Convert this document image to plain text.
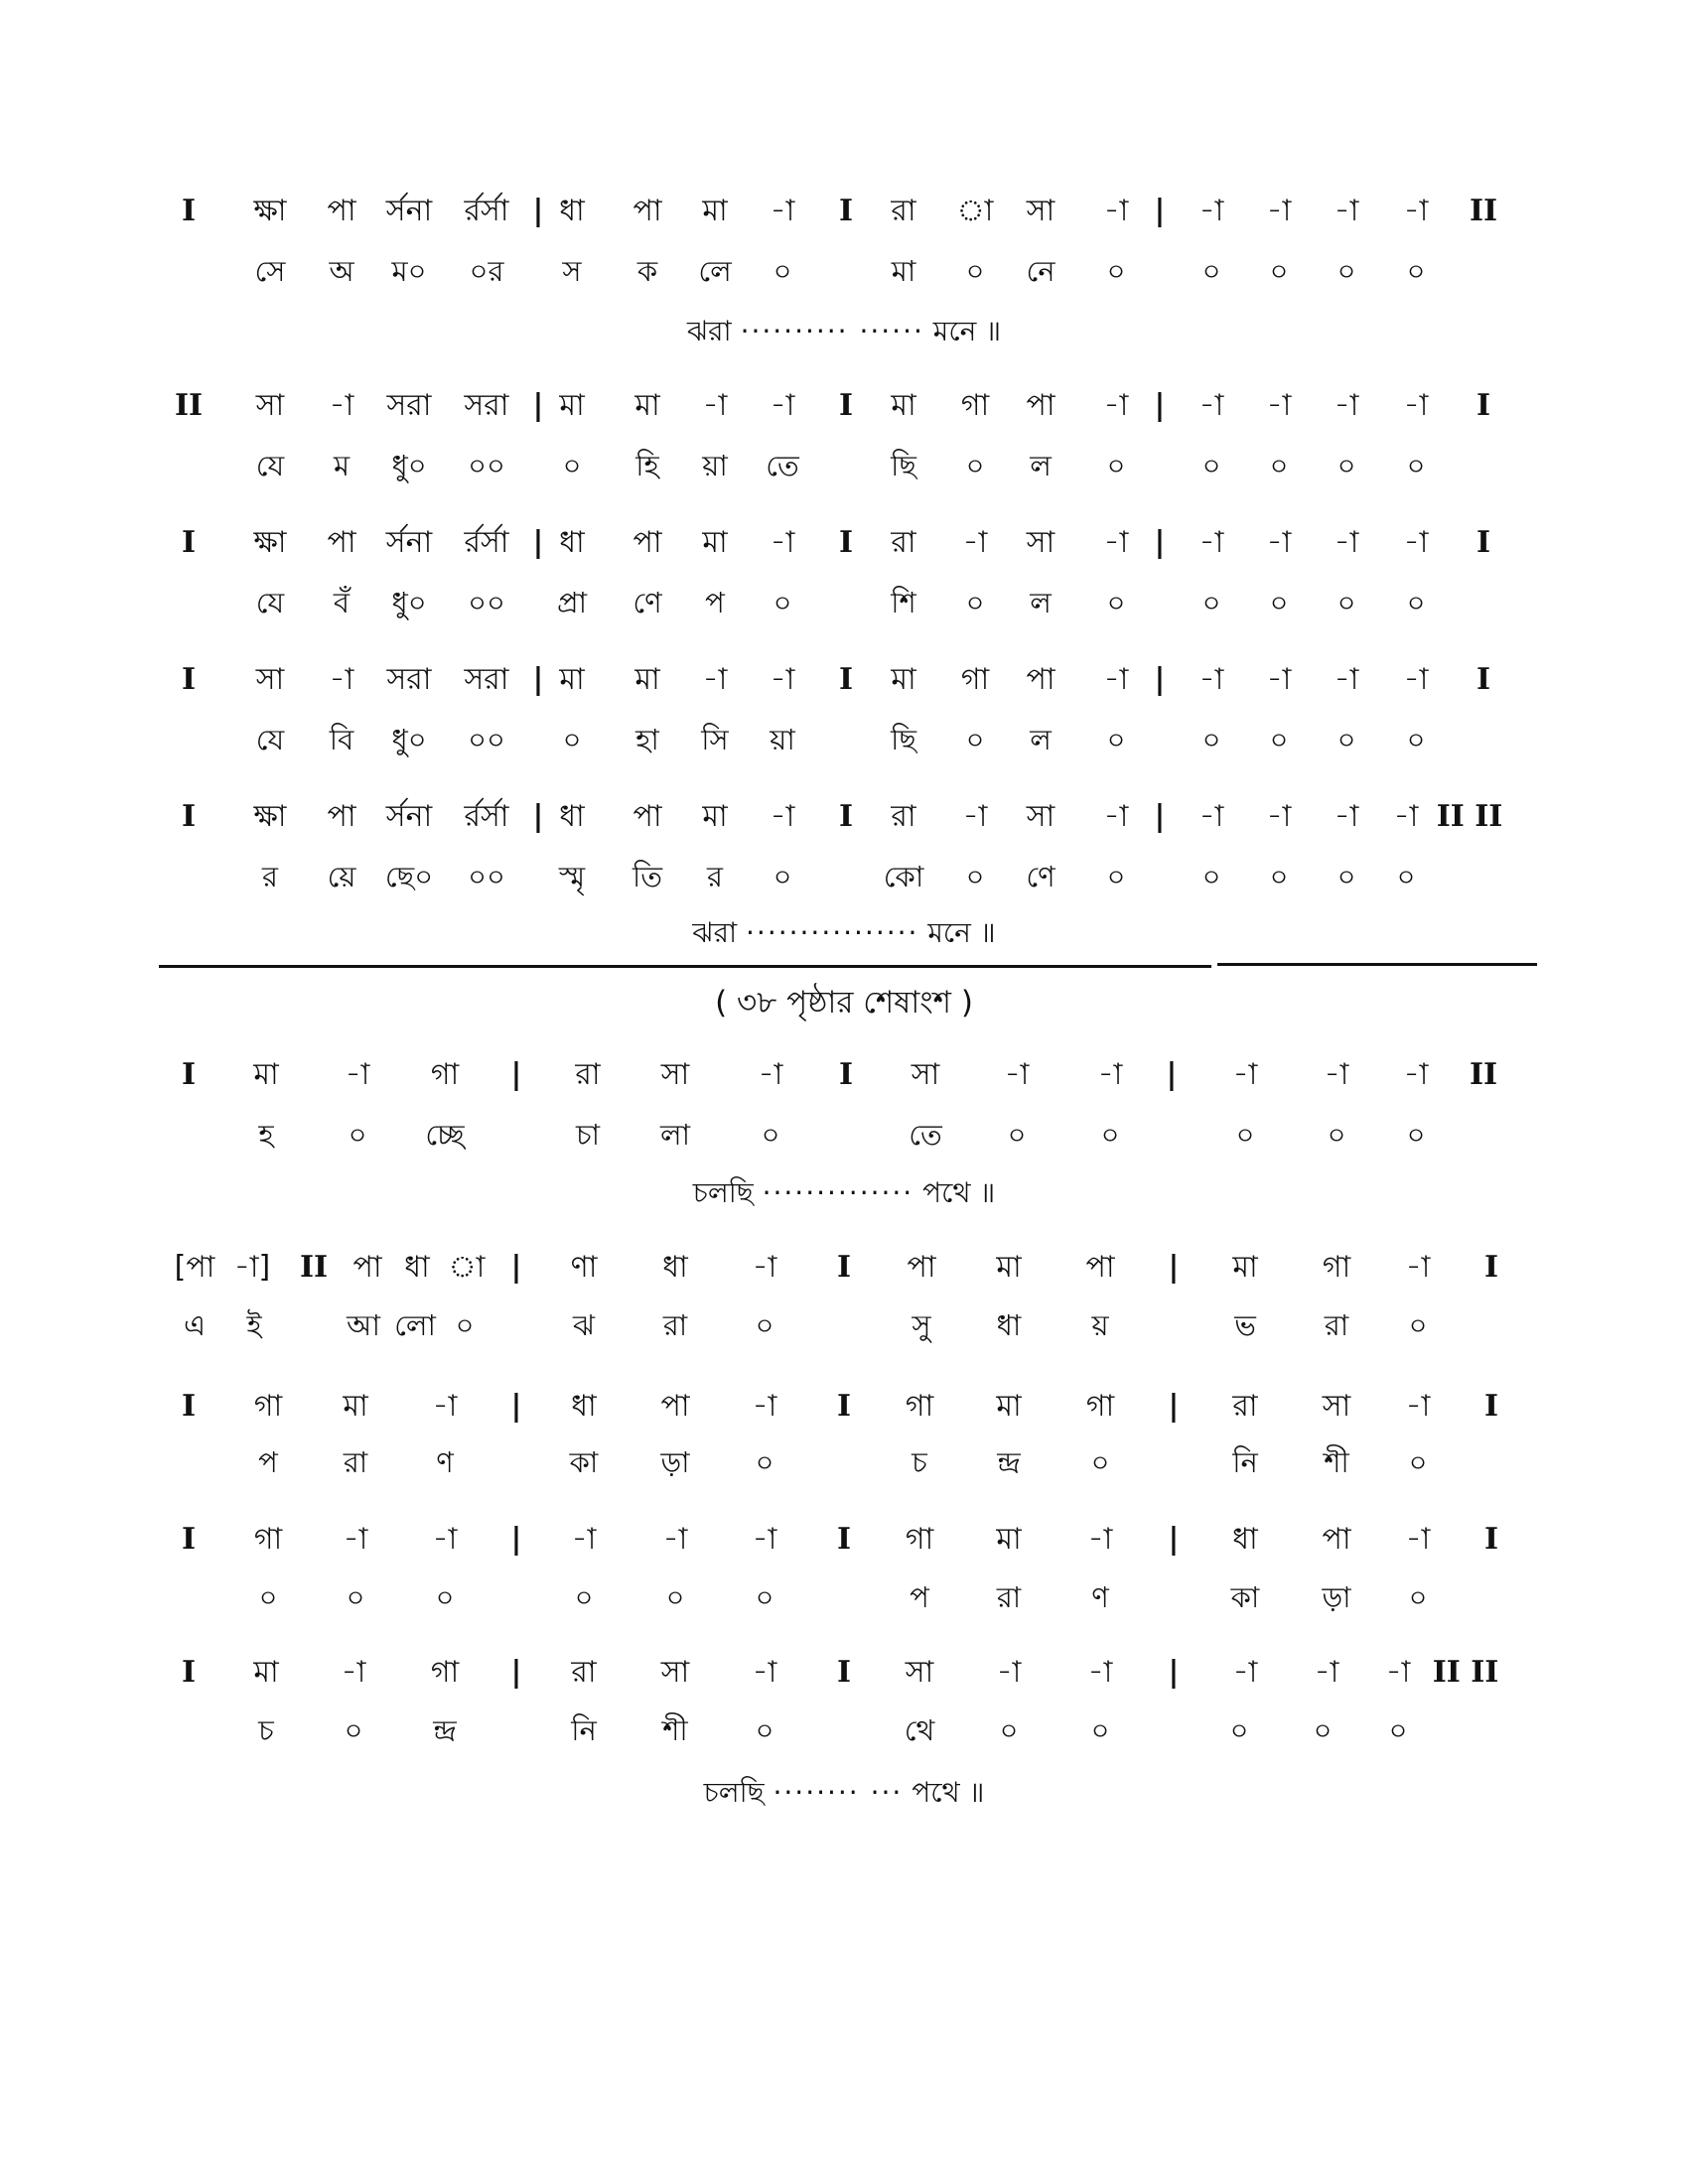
I	ক্ষা	পা	র্সনা	র্রর্সা | ধা	পা	মা	-া	I	রা	া	সা	-া |	-া	-া	-া	-া	II
সে	অ	ম০	০র	স	ক	লে	০	মা	০	নে	০	০	০	০	০
ঝরা ·········· ······ মনে ॥
II	সা	-া	সরা	সরা | মা	মা	-া	-া	I	মা	গা	পা	-া |	-া	-া	-া	-া	I
যে	ম	ধু০	০০	০	হি	য়া	তে	ছি	০	ল	০	০	০	০	০
I	ক্ষা	পা	র্সনা	র্রর্সা | ধা	পা	মা	-া	I	রা	-া	সা	-া |	-া	-া	-া	-া	I
যে	বঁ	ধু০	০০	প্রা	ণে	প	০	শি	০	ল	০	০	০	০	০
I	সা	-া	সরা	সরা | মা	মা	-া	-া	I	মা	গা	পা	-া |	-া	-া	-া	-া	I
যে	বি	ধু০	০০	০	হা	সি	য়া	ছি	০	ল	০	০	০	০	০
I	ক্ষা	পা	র্সনা	র্রর্সা | ধা	পা	মা	-া	I	রা	-া	সা	-া |	-া	-া	-া	-া II II
র	য়ে	ছে০	০০	স্মৃ	তি	র	০	কো	০	ণে	০	০	০	০	০
ঝরা ················ মনে ॥
( ৩৮ পৃষ্ঠার শেষাংশ )
I	মা	-া	গা	|	রা	সা	-া	I	সা	-া	-া	|	-া	-া	-া	II
হ	০	চ্ছে	চা	লা	০	তে	০	০	০	০	০
চলছি ·············· পথে ॥
[পা -া] II পা ধা া |	ণা	ধা	-া	I	পা	মা	পা	|	মা	গা	-া	I
এ	ই	আ লো ০	ঝ	রা	০	সু	ধা	য়	ভ	রা	০
I	গা	মা	-া	|	ধা	পা	-া	I	গা	মা	গা	|	রা	সা	-া	I
প	রা	ণ	কা	ড়া	০	চ	ন্দ্র	০	নি	শী	০
I	গা	-া	-া	|	-া	-া	-া	I	গা	মা	-া	|	ধা	পা	-া	I
০	০	০	০	০	০	প	রা	ণ	কা	ড়া	০
I	মা	-া	গা	|	রা	সা	-া	I	সা	-া	-া	|	-া	-া	-া II II
চ	০	ন্দ্র	নি	শী	০	থে	০	০	০	০	০
চলছি ········ ··· পথে ॥
